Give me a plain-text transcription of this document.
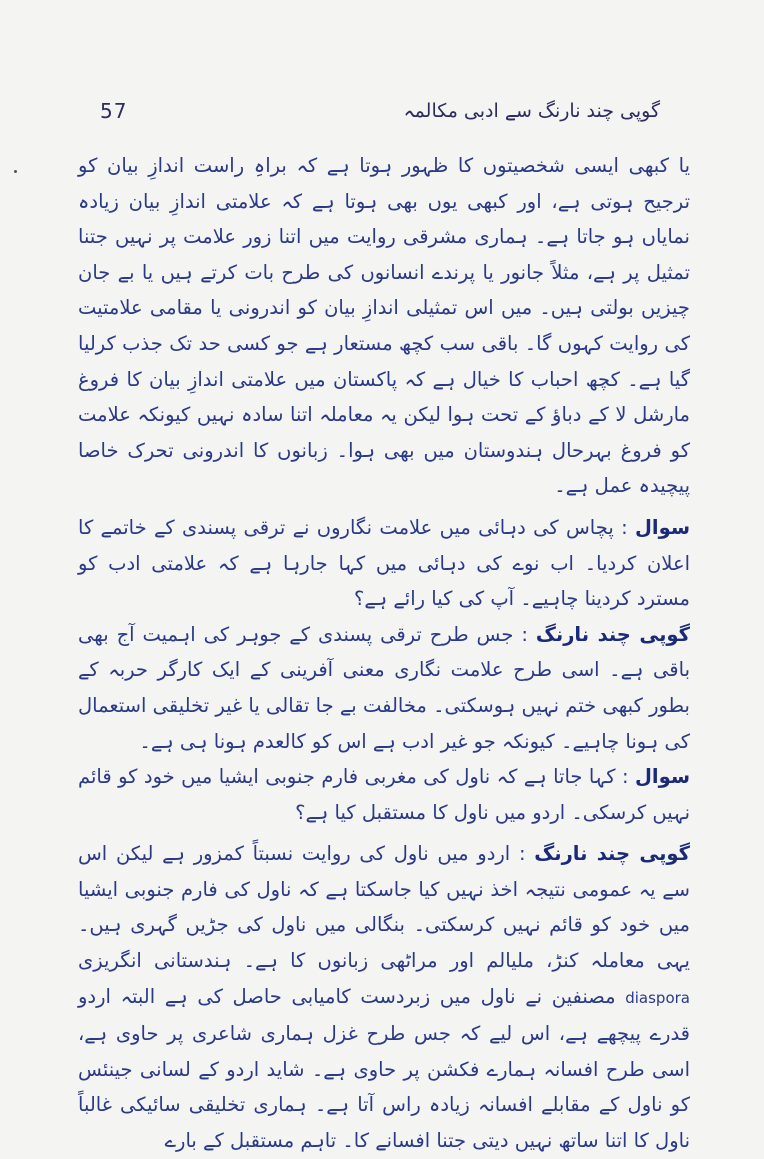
57	گوپی چند نارنگ سے ادبی مکالمہ

یا کبھی ایسی شخصیتوں کا ظہور ہوتا ہے کہ براہِ راست اندازِ بیان کو ترجیح ہوتی ہے، اور کبھی یوں بھی ہوتا ہے کہ علامتی اندازِ بیان زیادہ نمایاں ہو جاتا ہے۔ ہماری مشرقی روایت میں اتنا زور علامت پر نہیں جتنا تمثیل پر ہے، مثلاً جانور یا پرندے انسانوں کی طرح بات کرتے ہیں یا بے جان چیزیں بولتی ہیں۔ میں اس تمثیلی اندازِ بیان کو اندرونی یا مقامی علامتیت کی روایت کہوں گا۔ باقی سب کچھ مستعار ہے جو کسی حد تک جذب کرلیا گیا ہے۔ کچھ احباب کا خیال ہے کہ پاکستان میں علامتی اندازِ بیان کا فروغ مارشل لا کے دباؤ کے تحت ہوا لیکن یہ معاملہ اتنا سادہ نہیں کیونکہ علامت کو فروغ بہرحال ہندوستان میں بھی ہوا۔ زبانوں کا اندرونی تحرک خاصا پیچیدہ عمل ہے۔

سوال : پچاس کی دہائی میں علامت نگاروں نے ترقی پسندی کے خاتمے کا اعلان کردیا۔ اب نوے کی دہائی میں کہا جارہا ہے کہ علامتی ادب کو مسترد کردینا چاہیے۔ آپ کی کیا رائے ہے؟

گوپی چند نارنگ : جس طرح ترقی پسندی کے جوہر کی اہمیت آج بھی باقی ہے۔ اسی طرح علامت نگاری معنی آفرینی کے ایک کارگر حربہ کے بطور کبھی ختم نہیں ہوسکتی۔ مخالفت بے جا تقالی یا غیر تخلیقی استعمال کی ہونا چاہیے۔ کیونکہ جو غیر ادب ہے اس کو کالعدم ہونا ہی ہے۔

سوال : کہا جاتا ہے کہ ناول کی مغربی فارم جنوبی ایشیا میں خود کو قائم نہیں کرسکی۔ اردو میں ناول کا مستقبل کیا ہے؟

گوپی چند نارنگ : اردو میں ناول کی روایت نسبتاً کمزور ہے لیکن اس سے یہ عمومی نتیجہ اخذ نہیں کیا جاسکتا ہے کہ ناول کی فارم جنوبی ایشیا میں خود کو قائم نہیں کرسکتی۔ بنگالی میں ناول کی جڑیں گہری ہیں۔ یہی معاملہ کنڑ، ملیالم اور مراٹھی زبانوں کا ہے۔ ہندستانی انگریزی diaspora مصنفین نے ناول میں زبردست کامیابی حاصل کی ہے البتہ اردو قدرے پیچھے ہے، اس لیے کہ جس طرح غزل ہماری شاعری پر حاوی ہے، اسی طرح افسانہ ہمارے فکشن پر حاوی ہے۔ شاید اردو کے لسانی جینئس کو ناول کے مقابلے افسانہ زیادہ راس آتا ہے۔ ہماری تخلیقی سائیکی غالباً ناول کا اتنا ساتھ نہیں دیتی جتنا افسانے کا۔ تاہم مستقبل کے بارے
